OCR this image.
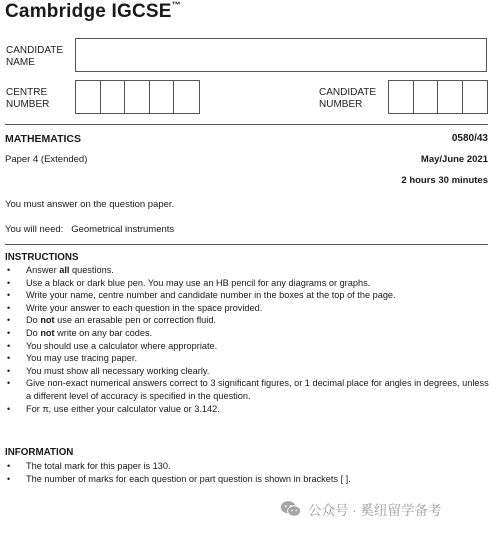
Cambridge IGCSE™
CANDIDATE
NAME
CENTRE
NUMBER
CANDIDATE
NUMBER
MATHEMATICS	0580/43
Paper 4 (Extended)	May/June 2021
2 hours 30 minutes
You must answer on the question paper.
You will need: Geometrical instruments
INSTRUCTIONS
• Answer all questions.
• Use a black or dark blue pen. You may use an HB pencil for any diagrams or graphs.
• Write your name, centre number and candidate number in the boxes at the top of the page.
• Write your answer to each question in the space provided.
• Do not use an erasable pen or correction fluid.
• Do not write on any bar codes.
• You should use a calculator where appropriate.
• You may use tracing paper.
• You must show all necessary working clearly.
• Give non-exact numerical answers correct to 3 significant figures, or 1 decimal place for angles in degrees, unless a different level of accuracy is specified in the question.
• For π, use either your calculator value or 3.142.
INFORMATION
• The total mark for this paper is 130.
• The number of marks for each question or part question is shown in brackets [ ].
公众号 · 奚纽留学备考
